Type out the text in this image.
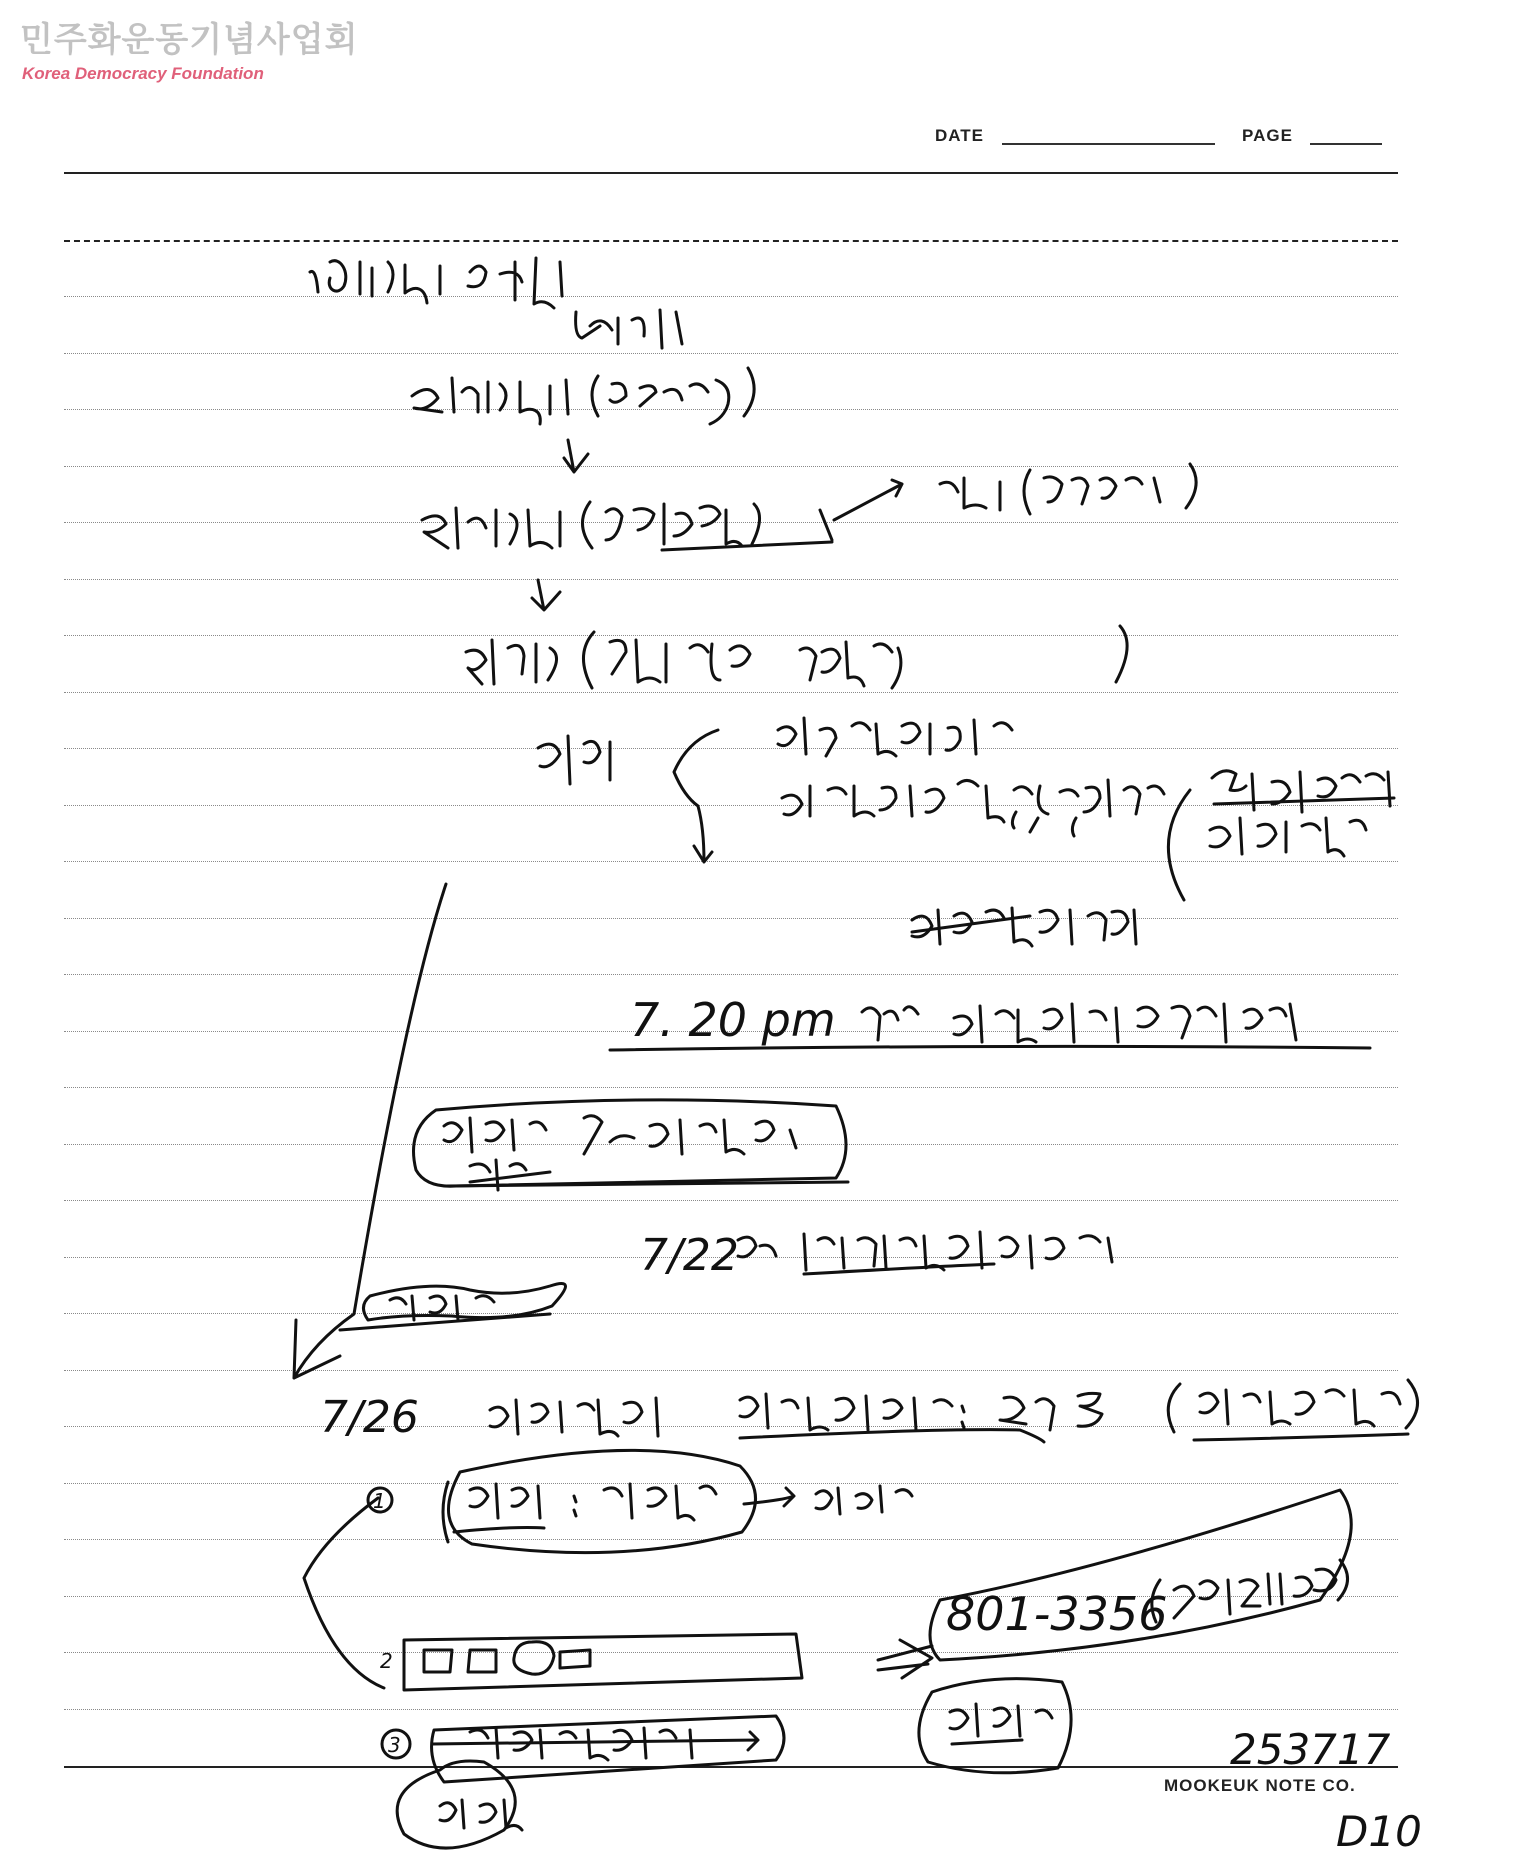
민주화운동기념사업회
Korea Democracy Foundation
DATE	PAGE
MOOKEUK NOTE CO.
7. 20 pm
7/22
7/26
1
2
801-3356
3	253717
D10
